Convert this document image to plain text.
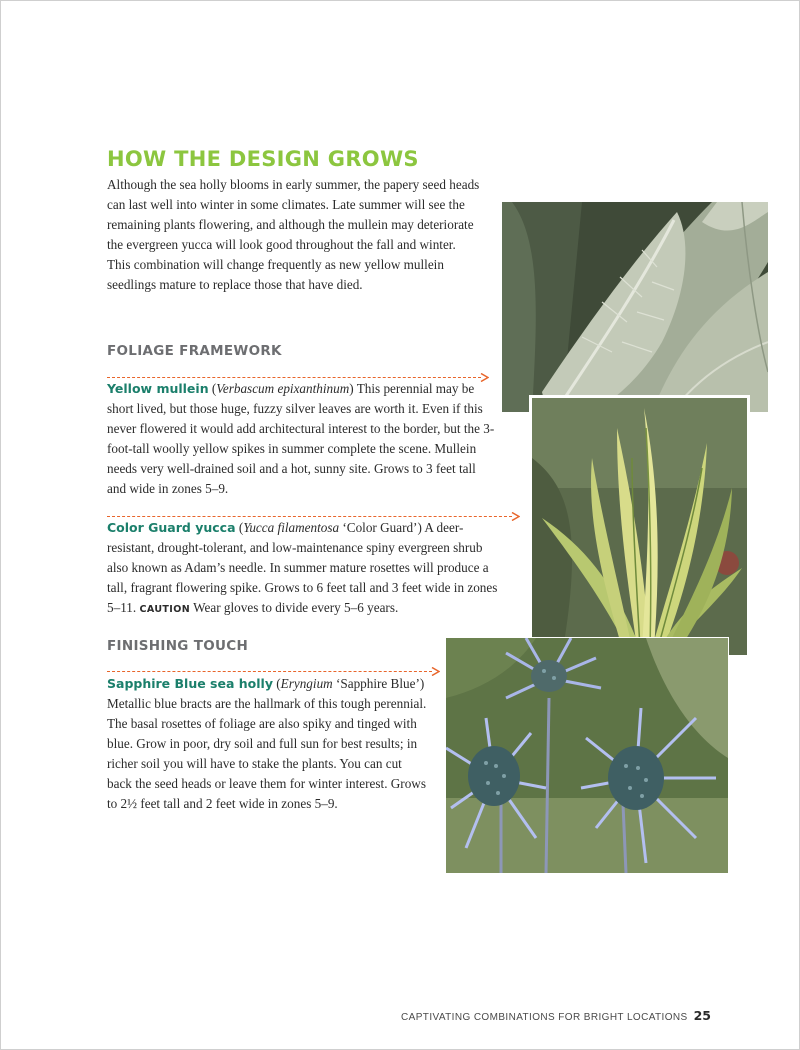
HOW THE DESIGN GROWS

Although the sea holly blooms in early summer, the papery seed heads can last well into winter in some climates. Late summer will see the remaining plants flowering, and although the mullein may deteriorate the evergreen yucca will look good throughout the fall and winter. This combination will change frequently as new yellow mullein seedlings mature to replace those that have died.

FOLIAGE FRAMEWORK

Yellow mullein (Verbascum epixanthinum) This perennial may be short lived, but those huge, fuzzy silver leaves are worth it. Even if this never flowered it would add architectural interest to the border, but the 3-foot-tall woolly yellow spikes in summer complete the scene. Mullein needs very well-drained soil and a hot, sunny site. Grows to 3 feet tall and wide in zones 5–9.

Color Guard yucca (Yucca filamentosa ‘Color Guard’) A deer-resistant, drought-tolerant, and low-maintenance spiny evergreen shrub also known as Adam’s needle. In summer mature rosettes will produce a tall, fragrant flowering spike. Grows to 6 feet tall and 3 feet wide in zones 5–11. CAUTION Wear gloves to divide every 5–6 years.

FINISHING TOUCH

Sapphire Blue sea holly (Eryngium ‘Sapphire Blue’) Metallic blue bracts are the hallmark of this tough perennial. The basal rosettes of foliage are also spiky and tinged with blue. Grow in poor, dry soil and full sun for best results; in richer soil you will have to stake the plants. You can cut back the seed heads or leave them for winter interest. Grows to 2½ feet tall and 2 feet wide in zones 5–9.

CAPTIVATING COMBINATIONS FOR BRIGHT LOCATIONS 25
